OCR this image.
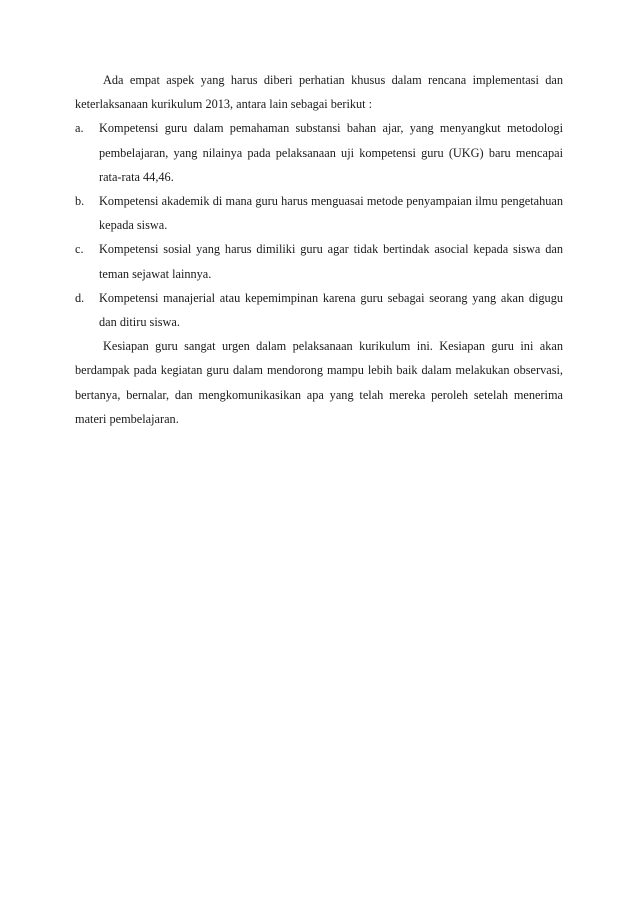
Ada empat aspek yang harus diberi perhatian khusus dalam rencana implementasi dan keterlaksanaan kurikulum 2013, antara lain sebagai berikut :

a.	Kompetensi guru dalam pemahaman substansi bahan ajar, yang menyangkut metodologi pembelajaran, yang nilainya pada pelaksanaan uji kompetensi guru (UKG) baru mencapai rata-rata 44,46.
b.	Kompetensi akademik di mana guru harus menguasai metode penyampaian ilmu pengetahuan kepada siswa.
c.	Kompetensi sosial yang harus dimiliki guru agar tidak bertindak asocial kepada siswa dan teman sejawat lainnya.
d.	Kompetensi manajerial atau kepemimpinan karena guru sebagai seorang yang akan digugu dan ditiru siswa.

Kesiapan guru sangat urgen dalam pelaksanaan kurikulum ini. Kesiapan guru ini akan berdampak pada kegiatan guru dalam mendorong mampu lebih baik dalam melakukan observasi, bertanya, bernalar, dan mengkomunikasikan apa yang telah mereka peroleh setelah menerima materi pembelajaran.
